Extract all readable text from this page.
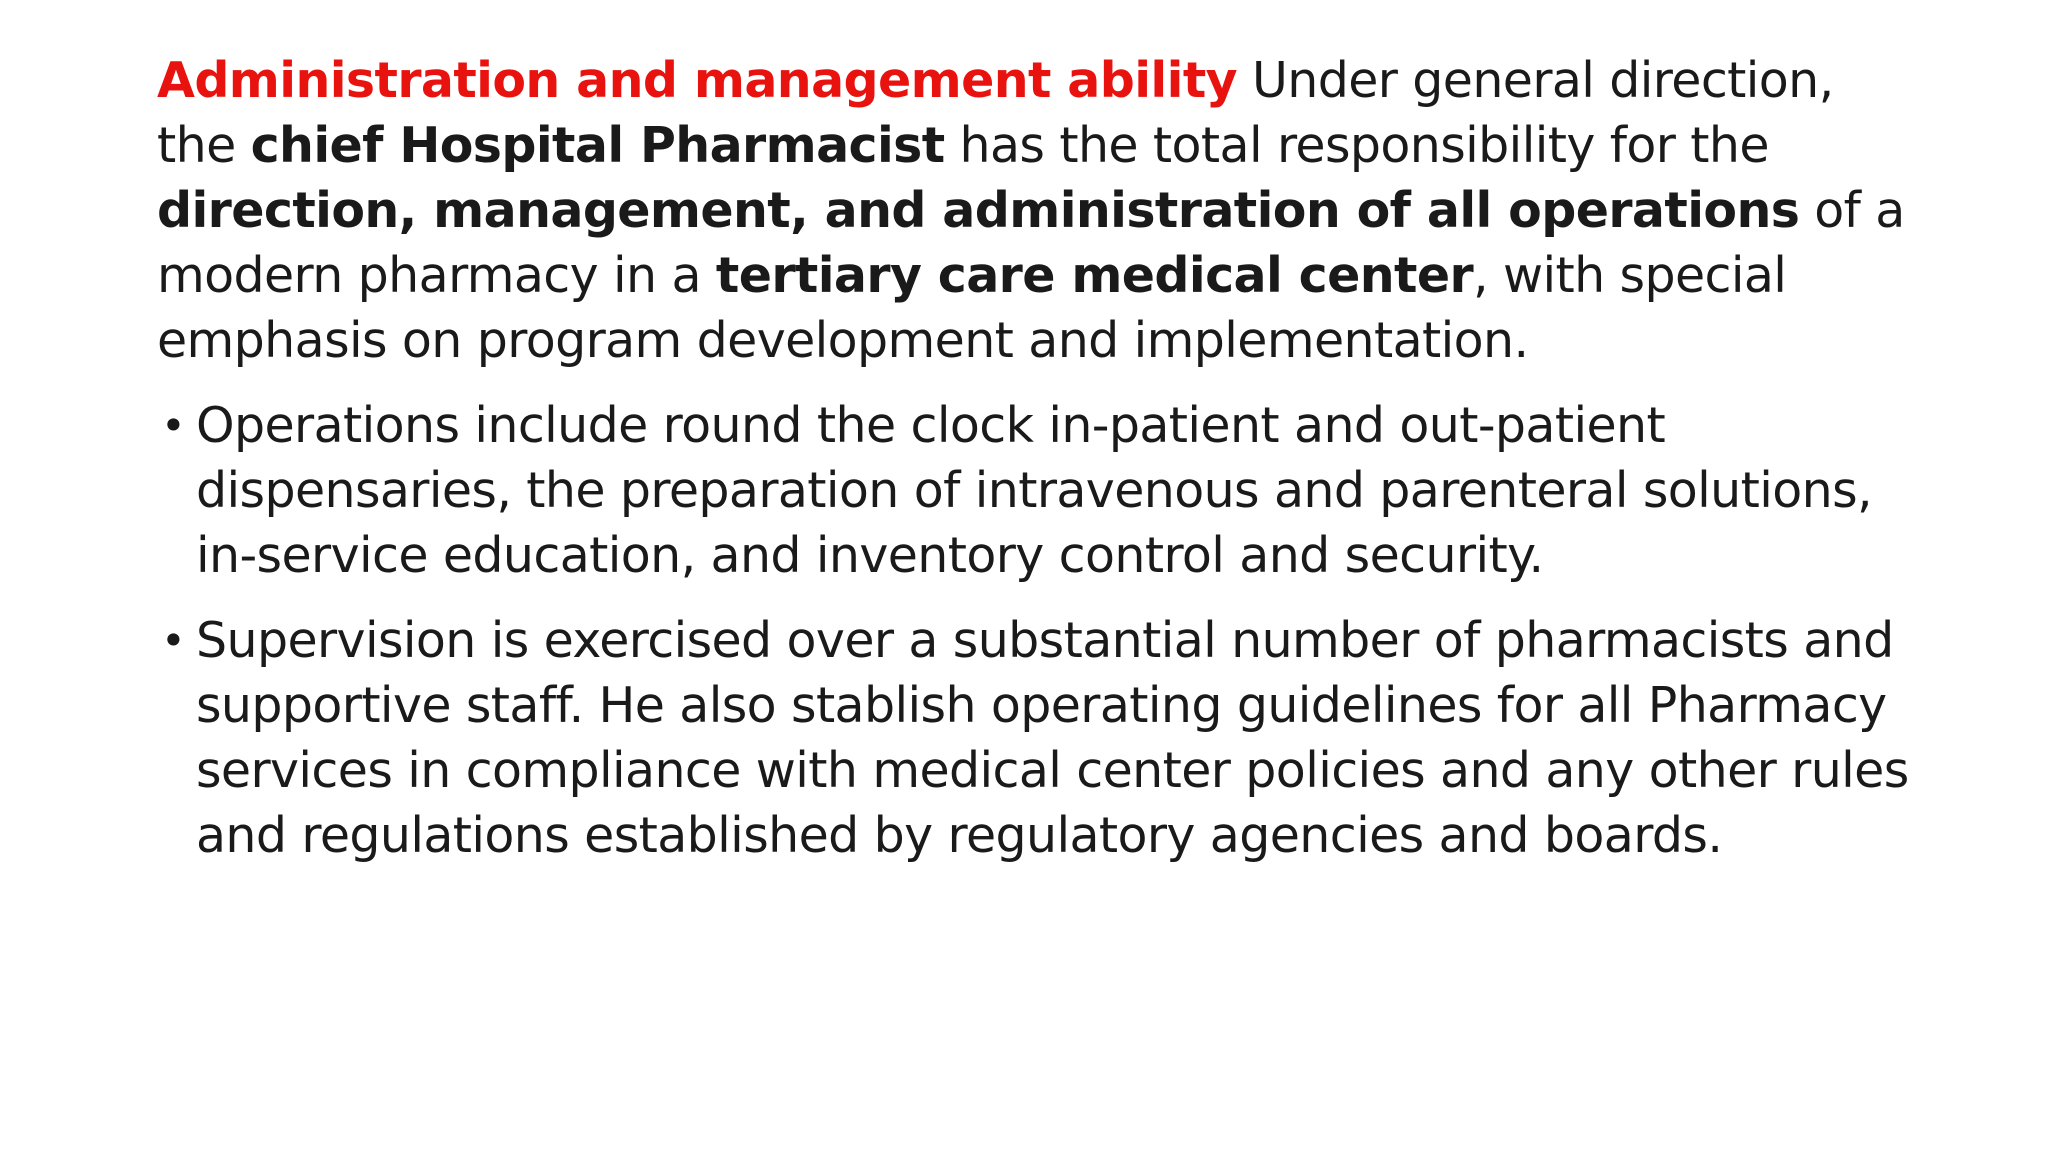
Administration and management ability Under general direction, the chief Hospital Pharmacist has the total responsibility for the direction, management, and administration of all operations of a modern pharmacy in a tertiary care medical center, with special emphasis on program development and implementation.

• Operations include round the clock in-patient and out-patient dispensaries, the preparation of intravenous and parenteral solutions, in-service education, and inventory control and security.
• Supervision is exercised over a substantial number of pharmacists and supportive staff. He also stablish operating guidelines for all Pharmacy services in compliance with medical center policies and any other rules and regulations established by regulatory agencies and boards.
